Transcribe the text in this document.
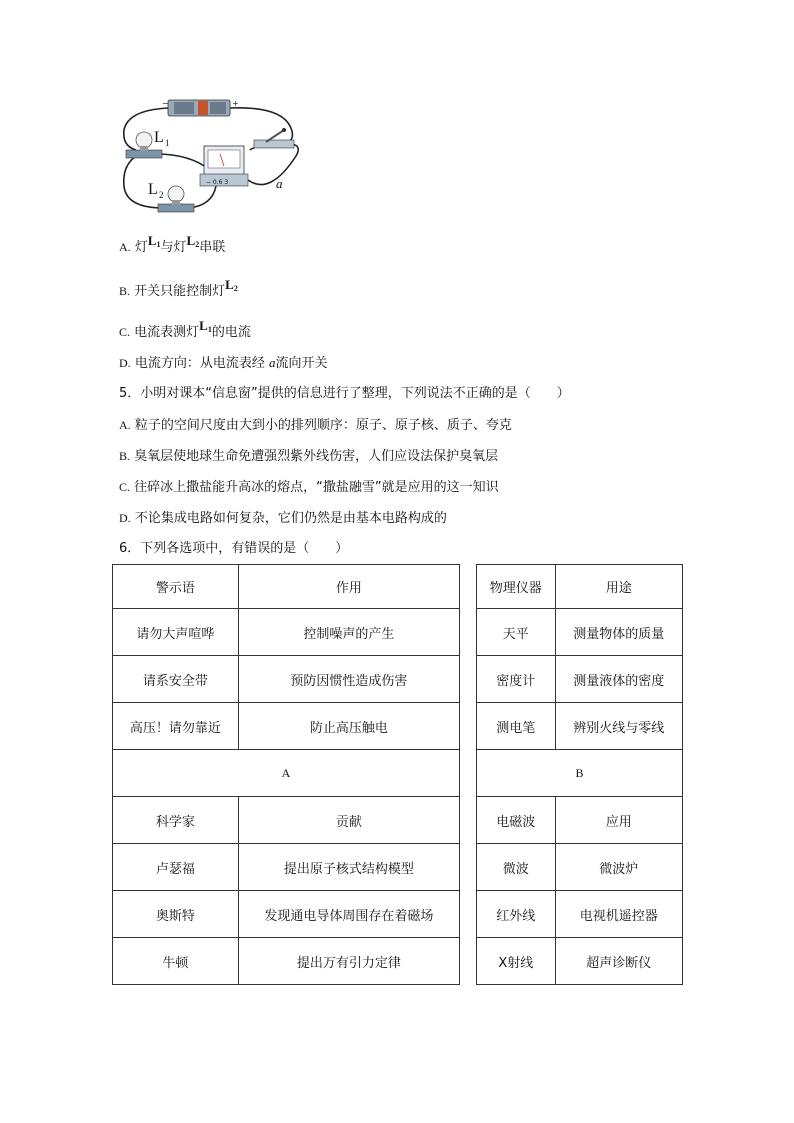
−	+
L 1
L 2
− 0.6 3	a
A. 灯$L_1$与灯$L_2$串联
B. 开关只能控制灯$L_2$
C. 电流表测灯$L_1$的电流
D. 电流方向：从电流表经 a流向开关
5．小明对课本“信息窗”提供的信息进行了整理，下列说法不正确的是（　　）
A. 粒子的空间尺度由大到小的排列顺序：原子、原子核、质子、夸克
B. 臭氧层使地球生命免遭强烈紫外线伤害，人们应设法保护臭氧层
C. 往碎冰上撒盐能升高冰的熔点，“撒盐融雪”就是应用的这一知识
D. 不论集成电路如何复杂，它们仍然是由基本电路构成的
6．下列各选项中，有错误的是（　　）
警示语	作用
请勿大声喧哗	控制噪声的产生
请系安全带	预防因惯性造成伤害
高压！请勿靠近	防止高压触电
A	
科学家	贡献
卢瑟福	提出原子核式结构模型
奥斯特	发现通电导体周围存在着磁场
牛顿	提出万有引力定律
物理仪器	用途
天平	测量物体的质量
密度计	测量液体的密度
测电笔	辨别火线与零线
B	
电磁波	应用
微波	微波炉
红外线	电视机遥控器
X射线	超声诊断仪
